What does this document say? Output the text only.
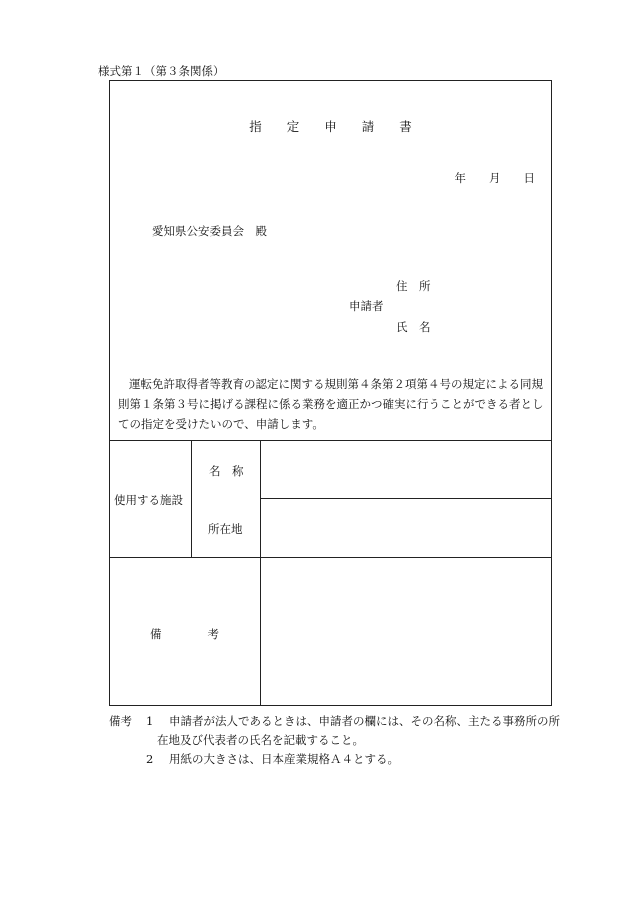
様式第１（第３条関係）
指　　定　　申　　請　　書
年　　月　　日
愛知県公安委員会　殿
住　所
申請者
氏　名
運転免許取得者等教育の認定に関する規則第４条第２項第４号の規定による同規則第１条第３号に掲げる課程に係る業務を適正かつ確実に行うことができる者としての指定を受けたいので、申請します。
使用する施設
名　称
所在地
備　　　　考
備考 1 申請者が法人であるときは、申請者の欄には、その名称、主たる事務所の所
在地及び代表者の氏名を記載すること。
2 用紙の大きさは、日本産業規格Ａ４とする。
